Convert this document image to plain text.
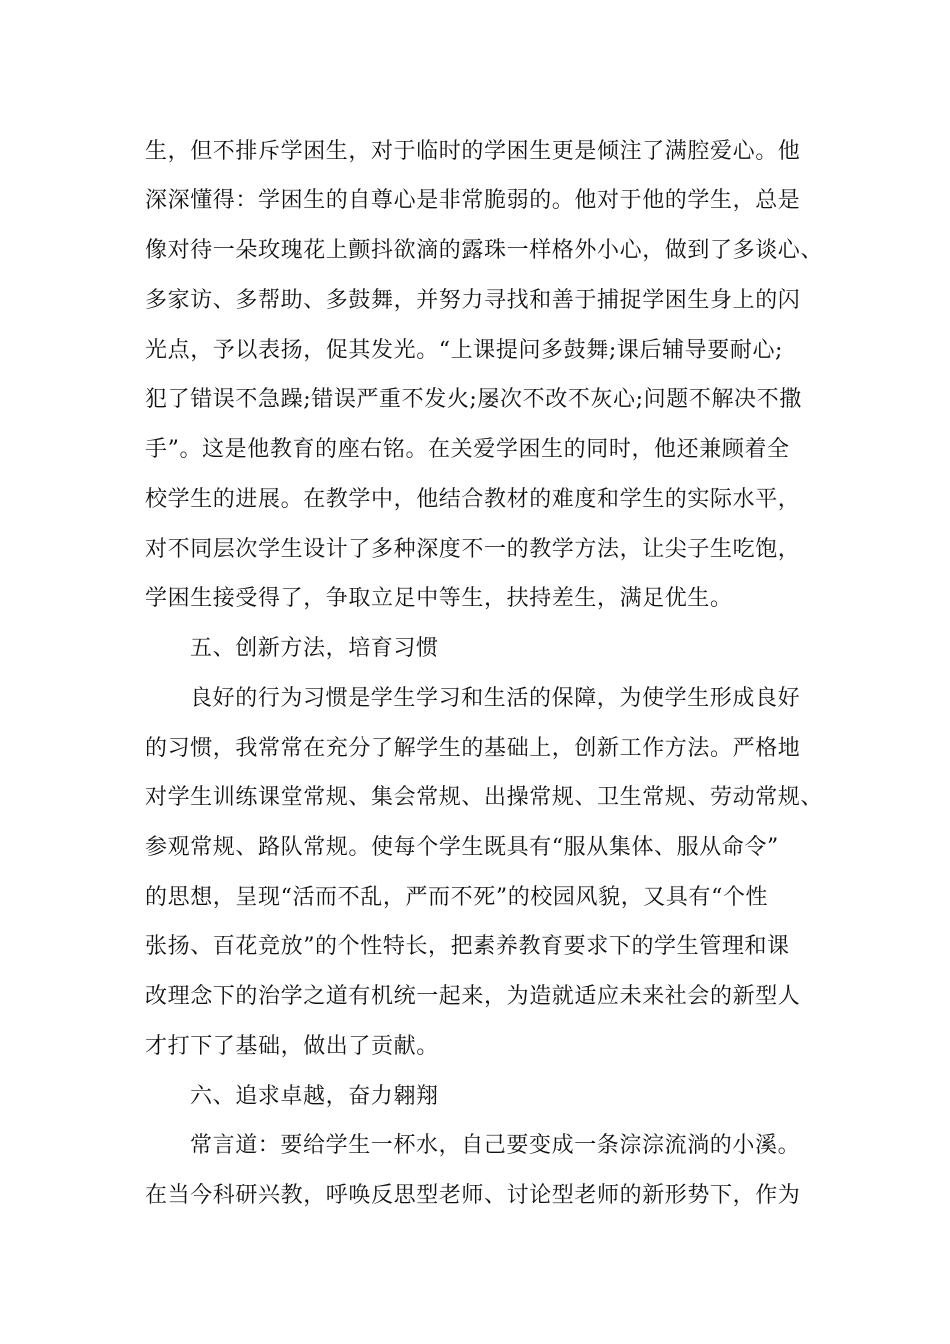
生，但不排斥学困生，对于临时的学困生更是倾注了满腔爱心。他
深深懂得：学困生的自尊心是非常脆弱的。他对于他的学生，总是
像对待一朵玫瑰花上颤抖欲滴的露珠一样格外小心，做到了多谈心、
多家访、多帮助、多鼓舞，并努力寻找和善于捕捉学困生身上的闪
光点，予以表扬，促其发光。“上课提问多鼓舞;课后辅导要耐心;
犯了错误不急躁;错误严重不发火;屡次不改不灰心;问题不解决不撒
手”。这是他教育的座右铭。在关爱学困生的同时，他还兼顾着全
校学生的进展。在教学中，他结合教材的难度和学生的实际水平，
对不同层次学生设计了多种深度不一的教学方法，让尖子生吃饱，
学困生接受得了，争取立足中等生，扶持差生，满足优生。
五、创新方法，培育习惯
良好的行为习惯是学生学习和生活的保障，为使学生形成良好
的习惯，我常常在充分了解学生的基础上，创新工作方法。严格地
对学生训练课堂常规、集会常规、出操常规、卫生常规、劳动常规、
参观常规、路队常规。使每个学生既具有“服从集体、服从命令”
的思想，呈现“活而不乱，严而不死”的校园风貌，又具有“个性
张扬、百花竞放”的个性特长，把素养教育要求下的学生管理和课
改理念下的治学之道有机统一起来，为造就适应未来社会的新型人
才打下了基础，做出了贡献。
六、追求卓越，奋力翱翔
常言道：要给学生一杯水，自己要变成一条淙淙流淌的小溪。
在当今科研兴教，呼唤反思型老师、讨论型老师的新形势下，作为
